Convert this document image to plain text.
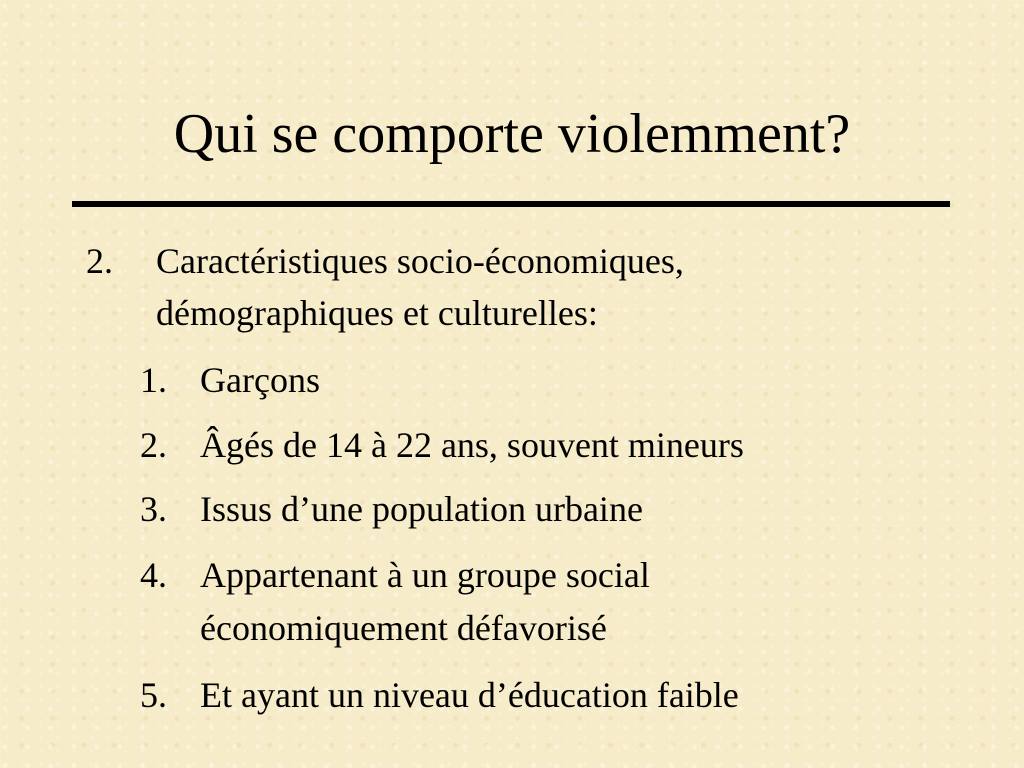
Qui se comporte violemment?
2. Caractéristiques socio-économiques,
démographiques et culturelles:
1. Garçons
2. Âgés de 14 à 22 ans, souvent mineurs
3. Issus d’une population urbaine
4. Appartenant à un groupe social
économiquement défavorisé
5. Et ayant un niveau d’éducation faible
